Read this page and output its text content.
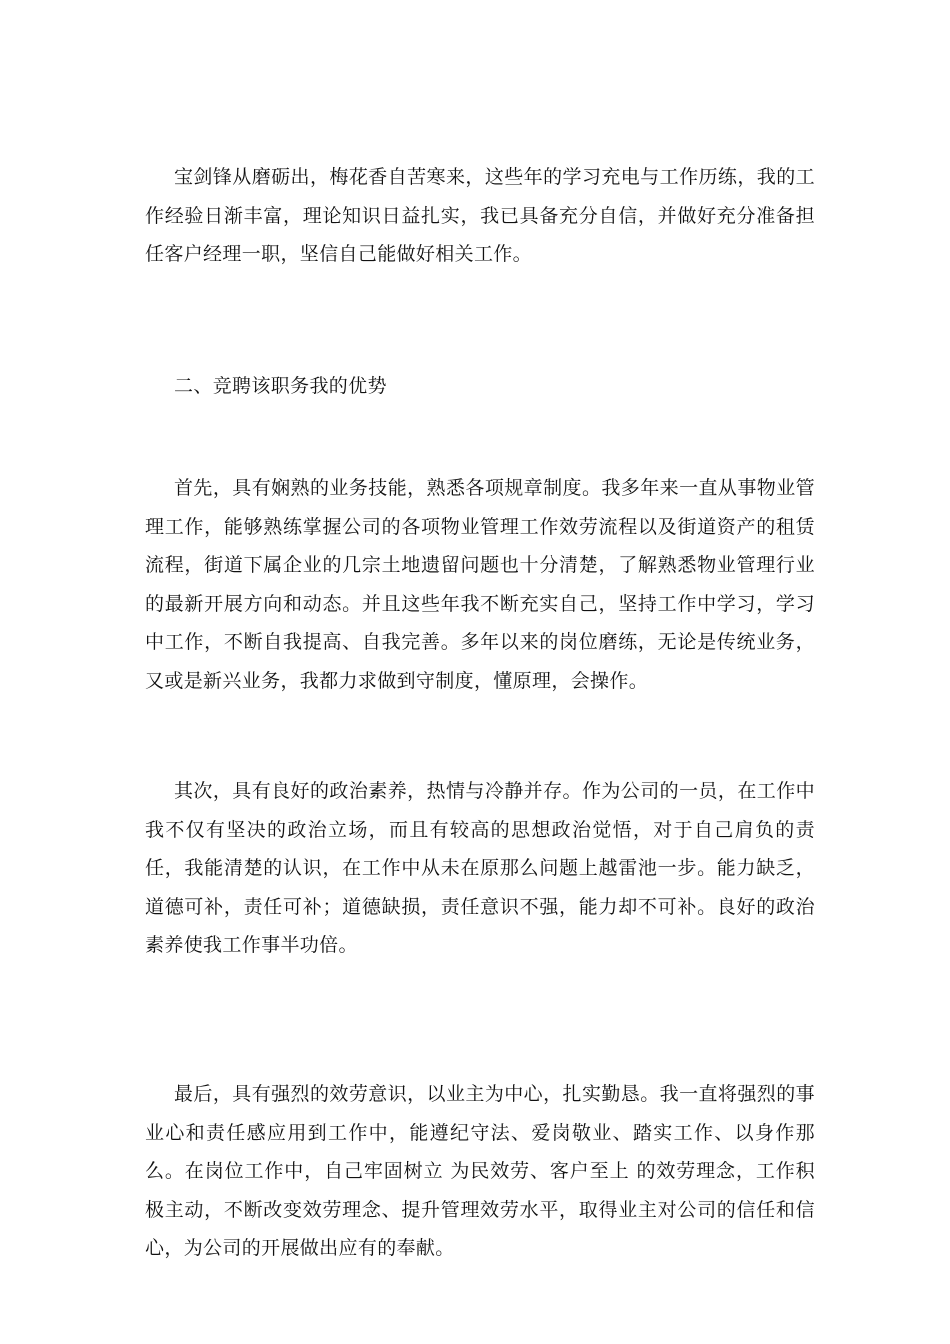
宝剑锋从磨砺出，梅花香自苦寒来，这些年的学习充电与工作历练，我的工作经验日渐丰富，理论知识日益扎实，我已具备充分自信，并做好充分准备担任客户经理一职，坚信自己能做好相关工作。

二、竞聘该职务我的优势

首先，具有娴熟的业务技能，熟悉各项规章制度。我多年来一直从事物业管理工作，能够熟练掌握公司的各项物业管理工作效劳流程以及街道资产的租赁流程，街道下属企业的几宗土地遗留问题也十分清楚，了解熟悉物业管理行业的最新开展方向和动态。并且这些年我不断充实自己，坚持工作中学习，学习中工作，不断自我提高、自我完善。多年以来的岗位磨练，无论是传统业务，又或是新兴业务，我都力求做到守制度，懂原理，会操作。

其次，具有良好的政治素养，热情与冷静并存。作为公司的一员，在工作中我不仅有坚决的政治立场，而且有较高的思想政治觉悟，对于自己肩负的责任，我能清楚的认识，在工作中从未在原那么问题上越雷池一步。能力缺乏，道德可补，责任可补；道德缺损，责任意识不强，能力却不可补。良好的政治素养使我工作事半功倍。

最后，具有强烈的效劳意识，以业主为中心，扎实勤恳。我一直将强烈的事业心和责任感应用到工作中，能遵纪守法、爱岗敬业、踏实工作、以身作那么。在岗位工作中，自己牢固树立 为民效劳、客户至上 的效劳理念，工作积极主动，不断改变效劳理念、提升管理效劳水平，取得业主对公司的信任和信心，为公司的开展做出应有的奉献。
